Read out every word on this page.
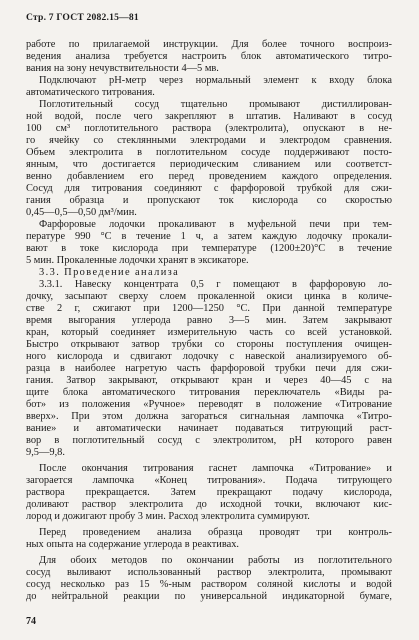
Стр. 7 ГОСТ 2082.15—81
работе по прилагаемой инструкции. Для более точного воспроиз-
ведения анализа требуется настроить блок автоматического титро-
вания на зону нечувствительности 4—5 мв.
Подключают рН-метр через нормальный элемент к входу блока
автоматического титрования.
Поглотительный сосуд тщательно промывают дистиллирован-
ной водой, после чего закрепляют в штатив. Наливают в сосуд
100 см³ поглотительного раствора (электролита), опускают в не-
го ячейку со стеклянными электродами и электродом сравнения.
Объем электролита в поглотительном сосуде поддерживают посто-
янным, что достигается периодическим сливанием или соответст-
венно добавлением его перед проведением каждого определения.
Сосуд для титрования соединяют с фарфоровой трубкой для сжи-
гания образца и пропускают ток кислорода со скоростью
0,45—0,5—0,50 дм³/мин.
Фарфоровые лодочки прокаливают в муфельной печи при тем-
пературе 990 °С в течение 1 ч, а затем каждую лодочку прокали-
вают в токе кислорода при температуре (1200±20)°С в течение
5 мин. Прокаленные лодочки хранят в эксикаторе.
3.3. Проведение анализа
3.3.1. Навеску концентрата 0,5 г помещают в фарфоровую ло-
дочку, засыпают сверху слоем прокаленной окиси цинка в количе-
стве 2 г, сжигают при 1200—1250 °С. При данной температуре
время выгорания углерода равно 3—5 мин. Затем закрывают
кран, который соединяет измерительную часть со всей установкой.
Быстро открывают затвор трубки со стороны поступления очищен-
ного кислорода и сдвигают лодочку с навеской анализируемого об-
разца в наиболее нагретую часть фарфоровой трубки печи для сжи-
гания. Затвор закрывают, открывают кран и через 40—45 с на
щите блока автоматического титрования переключатель «Виды ра-
бот» из положения «Ручное» переводят в положение «Титрование
вверх». При этом должна загораться сигнальная лампочка «Титро-
вание» и автоматически начинает подаваться титрующий раст-
вор в поглотительный сосуд с электролитом, рН которого равен
9,5—9,8.
После окончания титрования гаснет лампочка «Титрование» и
загорается лампочка «Конец титрования». Подача титрующего
раствора прекращается. Затем прекращают подачу кислорода,
доливают раствор электролита до исходной точки, включают кис-
лород и дожигают пробу 3 мин. Расход электролита суммируют.
Перед проведением анализа образца проводят три контроль-
ных опыта на содержание углерода в реактивах.
Для обоих методов по окончании работы из поглотительного
сосуд выливают использованный раствор электролита, промывают
сосуд несколько раз 15 %-ным раствором соляной кислоты и водой
до нейтральной реакции по универсальной индикаторной бумаге,
74
